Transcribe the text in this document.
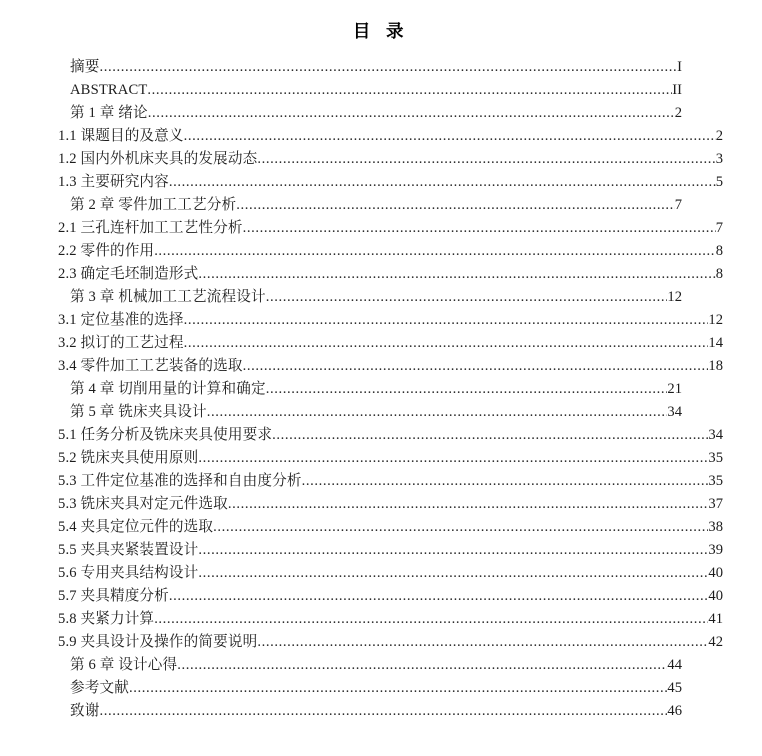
目 录
摘要 .....	I
ABSTRACT .....	II
第 1 章 绪论 .....	2
1.1 课题目的及意义 .....	2
1.2 国内外机床夹具的发展动态 .....	3
1.3 主要研究内容 .....	5
第 2 章 零件加工工艺分析 .....	7
2.1 三孔连杆加工工艺性分析 .....	7
2.2 零件的作用 .....	8
2.3 确定毛坯制造形式 .....	8
第 3 章 机械加工工艺流程设计 .....	12
3.1 定位基准的选择 .....	12
3.2 拟订的工艺过程 .....	14
3.4 零件加工工艺装备的选取 .....	18
第 4 章 切削用量的计算和确定 .....	21
第 5 章 铣床夹具设计 .....	34
5.1 任务分析及铣床夹具使用要求 .....	34
5.2 铣床夹具使用原则 .....	35
5.3 工件定位基准的选择和自由度分析 .....	35
5.3 铣床夹具对定元件选取 .....	37
5.4 夹具定位元件的选取 .....	38
5.5 夹具夹紧装置设计 .....	39
5.6 专用夹具结构设计 .....	40
5.7 夹具精度分析 .....	40
5.8 夹紧力计算 .....	41
5.9 夹具设计及操作的简要说明 .....	42
第 6 章 设计心得 .....	44
参考文献 .....	45
致谢 .....	46
